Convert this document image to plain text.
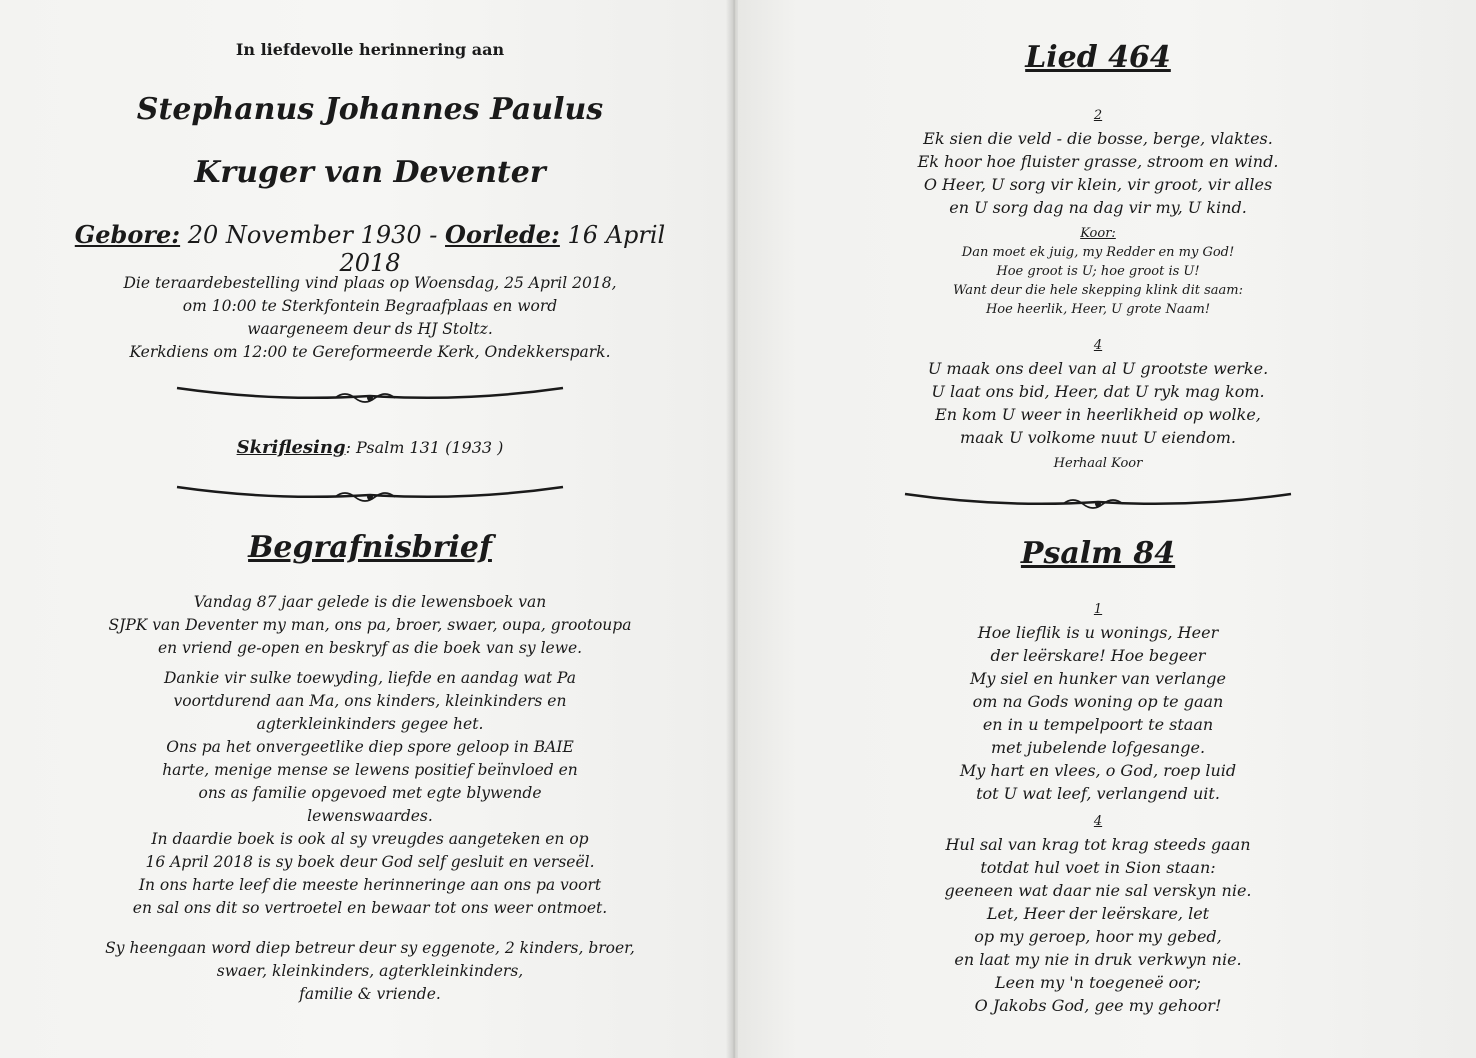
In liefdevolle herinnering aan
Stephanus Johannes Paulus
Kruger van Deventer
Gebore: 20 November 1930 - Oorlede: 16 April 2018

Die teraardebestelling vind plaas op Woensdag, 25 April 2018,

om 10:00 te Sterkfontein Begraafplaas en word

waargeneem deur ds HJ Stoltz.

Kerkdiens om 12:00 te Gereformeerde Kerk, Ondekkerspark.

Skriflesing: Psalm 131 (1933 )
Begrafnisbrief

Vandag 87 jaar gelede is die lewensboek van

SJPK van Deventer my man, ons pa, broer, swaer, oupa, grootoupa

en vriend ge-open en beskryf as die boek van sy lewe.

Dankie vir sulke toewyding, liefde en aandag wat Pa

voortdurend aan Ma, ons kinders, kleinkinders en

agterkleinkinders gegee het.

Ons pa het onvergeetlike diep spore geloop in BAIE

harte, menige mense se lewens positief beïnvloed en

ons as familie opgevoed met egte blywende

lewenswaardes.

In daardie boek is ook al sy vreugdes aangeteken en op

16 April 2018 is sy boek deur God self gesluit en verseël.

In ons harte leef die meeste herinneringe aan ons pa voort

en sal ons dit so vertroetel en bewaar tot ons weer ontmoet.

Sy heengaan word diep betreur deur sy eggenote, 2 kinders, broer,

swaer, kleinkinders, agterkleinkinders,

familie & vriende.

Lied 464
2
Ek sien die veld - die bosse, berge, vlaktes.
Ek hoor hoe fluister grasse, stroom en wind.
O Heer, U sorg vir klein, vir groot, vir alles
en U sorg dag na dag vir my, U kind.
Koor:
Dan moet ek juig, my Redder en my God!
Hoe groot is U; hoe groot is U!
Want deur die hele skepping klink dit saam:
Hoe heerlik, Heer, U grote Naam!
4
U maak ons deel van al U grootste werke.
U laat ons bid, Heer, dat U ryk mag kom.
En kom U weer in heerlikheid op wolke,
maak U volkome nuut U eiendom.
Herhaal Koor
Psalm 84
1
Hoe lieflik is u wonings, Heer
der leërskare! Hoe begeer
My siel en hunker van verlange
om na Gods woning op te gaan
en in u tempelpoort te staan
met jubelende lofgesange.
My hart en vlees, o God, roep luid
tot U wat leef, verlangend uit.
4
Hul sal van krag tot krag steeds gaan
totdat hul voet in Sion staan:
geeneen wat daar nie sal verskyn nie.
Let, Heer der leërskare, let
op my geroep, hoor my gebed,
en laat my nie in druk verkwyn nie.
Leen my 'n toegeneë oor;
O Jakobs God, gee my gehoor!
